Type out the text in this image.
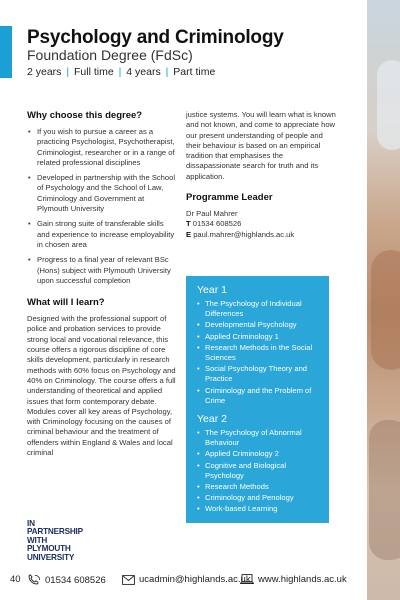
Psychology and Criminology
Foundation Degree (FdSc)
2 years | Full time | 4 years | Part time
Why choose this degree?
• If you wish to pursue a career as a practicing Psychologist, Psychotherapist, Criminologist, researcher or in a range of related professional disciplines
• Developed in partnership with the School of Psychology and the School of Law, Criminology and Government at Plymouth University
• Gain strong suite of transferable skills and experience to increase employability in chosen area
• Progress to a final year of relevant BSc (Hons) subject with Plymouth University upon successful completion
What will I learn?

Designed with the professional support of police and probation services to provide strong local and vocational relevance, this course offers a rigorous discipline of core skills development, particularly in research methods with 60% focus on Psychology and 40% on Criminology. The course offers a full understanding of theoretical and applied issues that form contemporary debate. Modules cover all key areas of Psychology, with Criminology focusing on the causes of criminal behaviour and the treatment of offenders within England & Wales and local criminal

justice systems. You will learn what is known and not known, and come to appreciate how our present understanding of people and their behaviour is based on an empirical tradition that emphasises the dissapassionate search for truth and its application.

Programme Leader
Dr Paul Mahrer
T 01534 608526
E paul.mahrer@highlands.ac.uk
Year 1
• The Psychology of Individual Differences
• Developmental Psychology
• Applied Criminology 1
• Research Methods in the Social Sciences
• Social Psychology Theory and Practice
• Criminology and the Problem of Crime
Year 2
• The Psychology of Abnormal Behaviour
• Applied Criminology 2
• Cognitive and Biological Psychology
• Research Methods
• Criminology and Penology
• Work-based Learning
IN
PARTNERSHIP
WITH
PLYMOUTH
UNIVERSITY
40	01534 608526	ucadmin@highlands.ac.uk www.highlands.ac.uk
